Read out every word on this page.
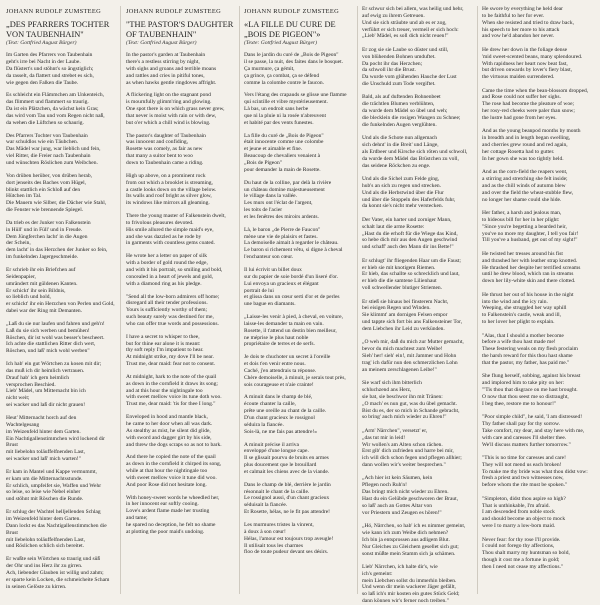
JOHANN RUDOLF ZUMSTEEG
„DES PFARRERS TOCHTER VON TAUBENHAIN"
(Text: Gottfried August Bürger)
Im Garten des Pfarrers von Taubenhain
geht's irre bei Nacht in der Laube.
Da flüstert's und stöhnt's so ängstiglich;
da rasselt, da flattert und strebet es sich,
wie gegen den Falken die Taube.
Es schleicht ein Flämmchen am Unkenteich,
das flimmert und flammert so traurig.
Da ist ein Plätzchen, da wächst kein Gras;
das wird vom Tau und vom Regen nicht naß,
da wehen die Lüftchen so schaurig.
Des Pfarrers Tochter von Taubenhain
war schuldlos wie ein Täubchen.
Das Mädel war jung, war lieblich und fein,
viel Ritter, die Freier nach Taubenhain
und wünschten Röslichen zum Weibchen.
Von drüben herüber, von drüben herab,
dort jenseits des Baches vom Hügel,
blinkt stattlich ein Schloß auf den
Hütchen im Tal.
Die Mauern wie Silber, die Dächer wie Stahl,
die Fenster wie brennende Spiegel.
Da trieb es der Junker von Falkenstein
in Hüll' und in Füll' und in Freude.
Dem Jüngferchen lacht' in die Augen
der Schein,
dem lacht' in das Herzchen der Junker so fein,
im funkelnden Jagergeschmeide.
Er schrieb ihr ein Briefchen auf
Seidenpapier,
umrändert mit güldenen Kanten.
Er schickt' ihr sein Bildnis,
so lieblich und hold,
er schickt' ihr ein Herzchen von Perlen und Gold,
dabei war der Ring mit Demanten.
„Laß du sie nur laufen und fahren und geh'n!
Laß du sie sich werben und bemühen!
Röschen, dir ist wohl was besser's bescheert.
Ich achte die stattlichen Ritter dich wert,
Röschen, und laß' mich wohl werben"
Ich hab' ein gut Wörtchen zu kosen mit dir;
das muß ich dir heimlich vertrauen.
Drauf hab' ich gern heimlich
versprochen Beschied.
Lieb' Mädel, um Mitternacht bin ich
nicht weit;
sei wacker und laß dir nicht grauen!
Heut' Mitternacht horch auf den
Wachtelgesang
im Weizenfeld hinter dem Garten.
Ein Nachtigallenstimmchen wird lockend dir Brust
mit liebelohn toläuffelfnenden Last,
sei wacker und laß' mich warten!"
Er kam in Mantel und Kappe vermummt,
er kam um die Mitternachtsstunde.
Er schlich, umpfeifet sie, Waffen und Wehr
so leise, so leise wie Nebel einher
und stöhnt mit Röschen die Runde.
Er schlug der Wachtel helljellenden Schlag
im Weizenfeld hinter dem Garten.
Dann lockt es das Nachtigallenstimmchen die Brust
mit liebelohn toläuffelfnenden Last,
und Röslichen schlich sich bereitet.
Er wußte sein Wörtchen so traurig und süß
der Ohr und ins Herz ihr zu girren.
Ach, liebender Glauben ist willig und zahm;
er sparte kein Locken, die schmeicheite Scham
in seinen Gelöste zu kirren.
JOHANN RUDOLF ZUMSTEEG
"THE PASTOR'S DAUGHTER OF TAUBENHAIN"
(Text: Gottfried August Bürger)
In the pastor's garden at Taubenhain
there's a restless stirring by night,
with sighs and groans and terrible moans
and rattles and cries in pitiful tones,
as when hawks gentle ringdoves affright.
A flickering light on the stagnant pond
is mournfully glimm'ring and glowing.
One spot there is on which grass never grew,
that never is moist with rain or with dew,
but o'er which a chill wind is blowing.
The pastor's daughter of Taubenhain
was innocent and confiding,
Rosette was comely, as fair as new
that many a suitor bent to woo
down to Taubenhain came a riding.
High up above, on a prominent rock
from out which a brooklet is streaming,
a castle looks down on the village below.
Its walls and roof bright as silver glow,
its windows like mirrors all gleaming.
There the young master of Falkenstein dwelt,
to frivolous pleasures devoted.
His smile allured the simple maid's eye,
and she was dazzled as he rode by
in garments with countless gems coated.
He wrote her a letter on paper of silk
with a border of gold round the edge,
and with it his portrait, so smiling and bold,
concealed in a heart of jewels and gold,
with a diamond ring as his pledge.
"Send all the low-born admirers off home;
disregard all their tender professions.
Yours is sufficiently worthy of them;
such beauty surely was destined for me,
who can offer true words and possessions.
I have a secret to whisper to thee,
but for thine ear alone it is meant:
thy soft reply I'm impatient to hear.
At midnight strike, my dove I'll be near.
Trust me, dear maid: fear not to consent.
At midnight, hark to the note of the quail
as down in the cornfield it draws its song;
and at this hour the nightingale too
with sweet mellow voice its tune doth woo.
Trust me, dear maid: 'tis for thee I long."
Enveloped in hood and mantle black,
he came to her door when all was dark.
As stealthy as mist, he silent did glide,
with sword and dagger girt by his side,
and threw the dogs scraps so as not to bark.
And there he copied the note of the quail
as down in the cornfield it chirped its song,
while at that hour the nightingale too
with sweet mellow voice it tune did woo.
And poor Rose did not hesitate long.
With honey-sweet words he wheedled her,
in her innocent ear softly cooing.
Love's ardent flame made her trusting
and tame;
he spared no deception, he felt no shame
at plotting the poor maid's undoing.
JOHANN RUDOLF ZUMSTEEG
«LA FILLE DU CURE DE „BOIS DE PIGEON"»
(Texte: Gottfried August Bürger)
Dans le jardin du curé de „Bois de Pigeon"
il se passe, la nuit, des faites dans le bosquet.
Ça murmure, ça gémit,
ça grince, ça combat, ça se défend
comme la colombe contre le faucon.
Vers l'étang des crapauds se glisse une flamme
qui scintille et vibre mystérieusement.
Là bas, un endroit sans herbe
que ni la pluie ni la rosée n'abreuvent
et habité par des vents funestes.
La fille du curé de „Bois de Pigeon"
était innocente comme une colombe
et jeune et aimable et fine.
Beaucoup de chevaliers venaient à
„Bois de Pigeon"
pour demander la main de Rosette.
Du haut de la colline, par delà la rivière
un château domine majestueusement
le village dans la vallée.
Les murs ont l'éclat de l'argent,
les toits de l'acier
et les fenêtres des miroirs ardents.
Là, le baron „de Pierre de Faucon"
mène une vie de plaisirs et fastes.
La demoiselle aimait à regarder le château.
Le baron si richement vêtu, si digne à cheval
l'enchanteur son cœur.
Il lui écrivit un billet doux
sur du papier de soie bordé d'un liseré d'or.
Lui envoya un gracieux et élégant
portrait de lui
et glissa dans un cœur serti d'or et de perles
une bague en diamants.
„Laisse-les venir à pied, à cheval, en voiture,
laisse-les demander ta main en vain.
Rosette, il t'attend un destin bien meilleur,
ne méprise le plus haut noble
propriétaire de terres et de serfs.
Je dois te chuchoter un secret à l'oreille
et dois t'en venir entre nous.
Caché, j'en attendrais ta réponse.
Chère demoiselle, à minuit, je serais tout près,
sois courageuse et n'aie crainte!
A minuit dans le champ de blé,
écoute chanter la caille,
prête une oreille au chant de la caille.
D'un chant gracieux le rossignol
séduira la fiancée.
Sois-là, ne me fais pas attendre!»
A minuit précise il arriva
enveloppé d'une longue cape.
Il se glissait pourvu de bruits en armes
plus doucement que le brouillard
et calmait les chiens avec de la viande.
Dans le champ de blé, derrière le jardin
résonnait le chant de la caille.
Le rossignol aussi, d'un chant gracieux
séduisait la fiancée.
Et Rosette, hélas, ne le fit pas attendre!
Les murmures tristes la vinrent,
à doux à son cœur!
Hélas, l'amour est toujours trop aveugle!
Il utilisait tous les charmes
floo de toute pudeur devant ses désirs.
Er schwur sich bei allem, was heilig und hehr,
auf ewig zu ihrem Getreuen.
Und sie sich sträubte und ab es er zog,
verführt er sich treuer, vermeil er sich hoch:
„Lieb' Mädel, es soll dich nicht reuen!"
Er zog sie sie Laube so düster und still,
von blühenden Bohnen umduftet.
Da pocht ihr das Herzchen;
da schwoll ihr die Brust.
Da wurde vom glühenden Hauche der Lust
die Unschuld zum Tode vergiftet.
Bald, als auf duftenden Bohnenbeet
die trächtlen Blumen verblühten,
da wurde dem Mädel so übel und weh;
die blecklein die rosigen Wangen zu Schnee;
die funkelnden Augen verglühten.
Und als die Schote nun allgemach
sich dehnt' in die Breit' und Länge,
als Erdbeer und Kirsche sich röten und schwoll,
da wurde dem Mädel das Brüstchen zu voll,
das seidene Röckchen zu enge.
Und als die Sichel zum Felde ging,
hub's an sich zu regen und strecken.
Und als die Herbstwind über die Flur
und über die Stoppeln des Haferfelds fuhr,
da konnt sie's nicht mehr verstecken.
Der Vater, ein harter und zorniger Mann,
schalt laut die arme Rosette:
„Hast du die erhoft für die Wiege das Kind,
so hebe dich mir aus den Augen geschwind
und schaff' auch den Mann dir ins Bette!"
Er schlugt' ihr fliegenden Haar um die Faust;
er hieb sie mit knotigem Riemen.
Er hieb, das schallte so schrecklich und laut,
er hieb die die samtene Lilienhaut
voll schwellender blutiger Striemen.
Er stieß sie hinaus bei finsterem Nacht,
bei eisigen Regen und Winden.
Sie klimmt' am dornigen Felsen empor
und tappte sich fort bis ans Falkensteiner Tor,
dem Liebchen ihr Leid zu verkünden.
„O weh mir, daß du mich zur Mutter gemacht,
bevor du mich machtest zum Weibe!
Sieh' her! sieh' ein!, mit Jammer und Hohn
trag' ich dafür nun den schmerzlichen Lohn
an meinem zerschlagenen Leibe!"
Sie warf sich ihm bitterlich
schluchzend ans Herz,
sie bat, sie beschwor ihn mit Tränen:
„O mach' es nun gut, was du übel gemacht.
Bist du es, der so mich in Schande gebracht,
so bring' auch mich wieder zu Ehren!"
„Arm' Närrchen", versetzt' er,
„das tut mir in leid!
Wir wollen's am Alten schon rächen.
Erst gib' dich zufrieden und harre bei mir,
ich will dich schon fegen und pflegen allhier;
dann wollen wir's weiter besprechen."
„Ach hier ist kein Säumen, kein
Pflegen noch Ruh'n!
Das bringt mich nicht wieder zu Ehren.
Hast du ein Gelübde geschworen der Braut,
so laß' auch an Gottes Altar von
vor Priestern und Zeugen es hören!"
„Hó, Närrchen, so hab' ich es nimmer gemeint,
wie kann ich zum Weibe dich nehmen?
Ich bin ja entsprossen aus adligem Blut.
Nur Gleiches zu Gleichem gesellet sich gut;
sonst müßte mein Stamm sich ja schämen.
Lieb' Närrchen, ich halte dir's, wie
ich's gemeint:
mein Liebchen sollst du immerhin bleiben.
Und wenn dir mein wackerer Jäger gefällt,
so laß ich's mir kosten ein gutes Stück Geld;
dann können wir's ferner noch treiben."
He swore by everything he held dear
to be faithful to her for ever.
When she resisted and tried to draw back,
his speech to her more to his attack
and vow he'd abandon her never.
He drew her down in the foliage dense
'mid sweet-scented beans, many splendoured.
With rapidness her heart now beat fast,
but driven onwards by lover's fiery blast,
the virtuous maiden surrendered.
Came the time when the bean-blossom dropped,
and Rose could not suffer her sighs.
The rose had become the pleature of woe;
her rosy-red cheeks were paler than snow;
the lustre had gone from her eyes.
And as the young beanpod months by month
in breadth and in length began swelling,
and cherries grew round and red again,
her cottage Rosetta had to gutter.
In her gown she was too tightly held.
And as the corn-field the reapers went,
a stirring and stretching she felt inside;
and as the chill winds of autumn blew
and over the field the wheat-stubble flew,
no longer her shame could she hide.
Her father, a harsh and jealous man,
to hideous bill for her in her plight:
"Since you're begetting a bearded heir,
you've no more my daughter, I tell you fair!
Till you've a husband, get out of my sight!"
He twisted her tresses around his fist
and thrashed her with leather strap knotted.
He thrashed her despite her terrified screams
until he drew blood, which ran in streams
down her lily-white skin and there clotted.
He thrust her out of his house in the night
into the wind and the icy rain.
Weeping, she struggled her way uphill
to Falkenstein's castle, weak and ill,
to her lover her plight to explain.
"Alas, that I should a mother become
before a wife thou hast made me!
These festering weals on my flesh proclaim
the harsh reward for this thou hast shame
that the pastor, my father, has paid me."
She flung herself, sobbing, against his breast
and implored him to take pity on her:
"'Tis thou that disgrace on me hast brought.
O now that thou seest me so distraught,
I beg thee, restore me to honour!"
"Poor simple child", he said, 'I am distressed!
Thy father shall pay for thy sorrow.
Take comfort, my dear, and stay here with me,
with care and caresses I'll shelter thee.
We'll discuss matters further tomorrow."
"This is no time for caresses and care!
They will not mend us each broken!
To make me thy bride was what thou didst vow:
fresh a priest and two witnesses now,
before whom the rite must be spoken."
"Simpleton, didst thou aspire so high?
That is unthinkable, I'm afraid.
I am descended from noble stock
and should become an object to mock
were I to marry a low-born maid.
Never fear: for thy rose I'll provide.
I could not forego thy affections,
Thou shalt marry my huntsman so bold,
though it cost me a fortune in gold;
then I need not cease my affections."
